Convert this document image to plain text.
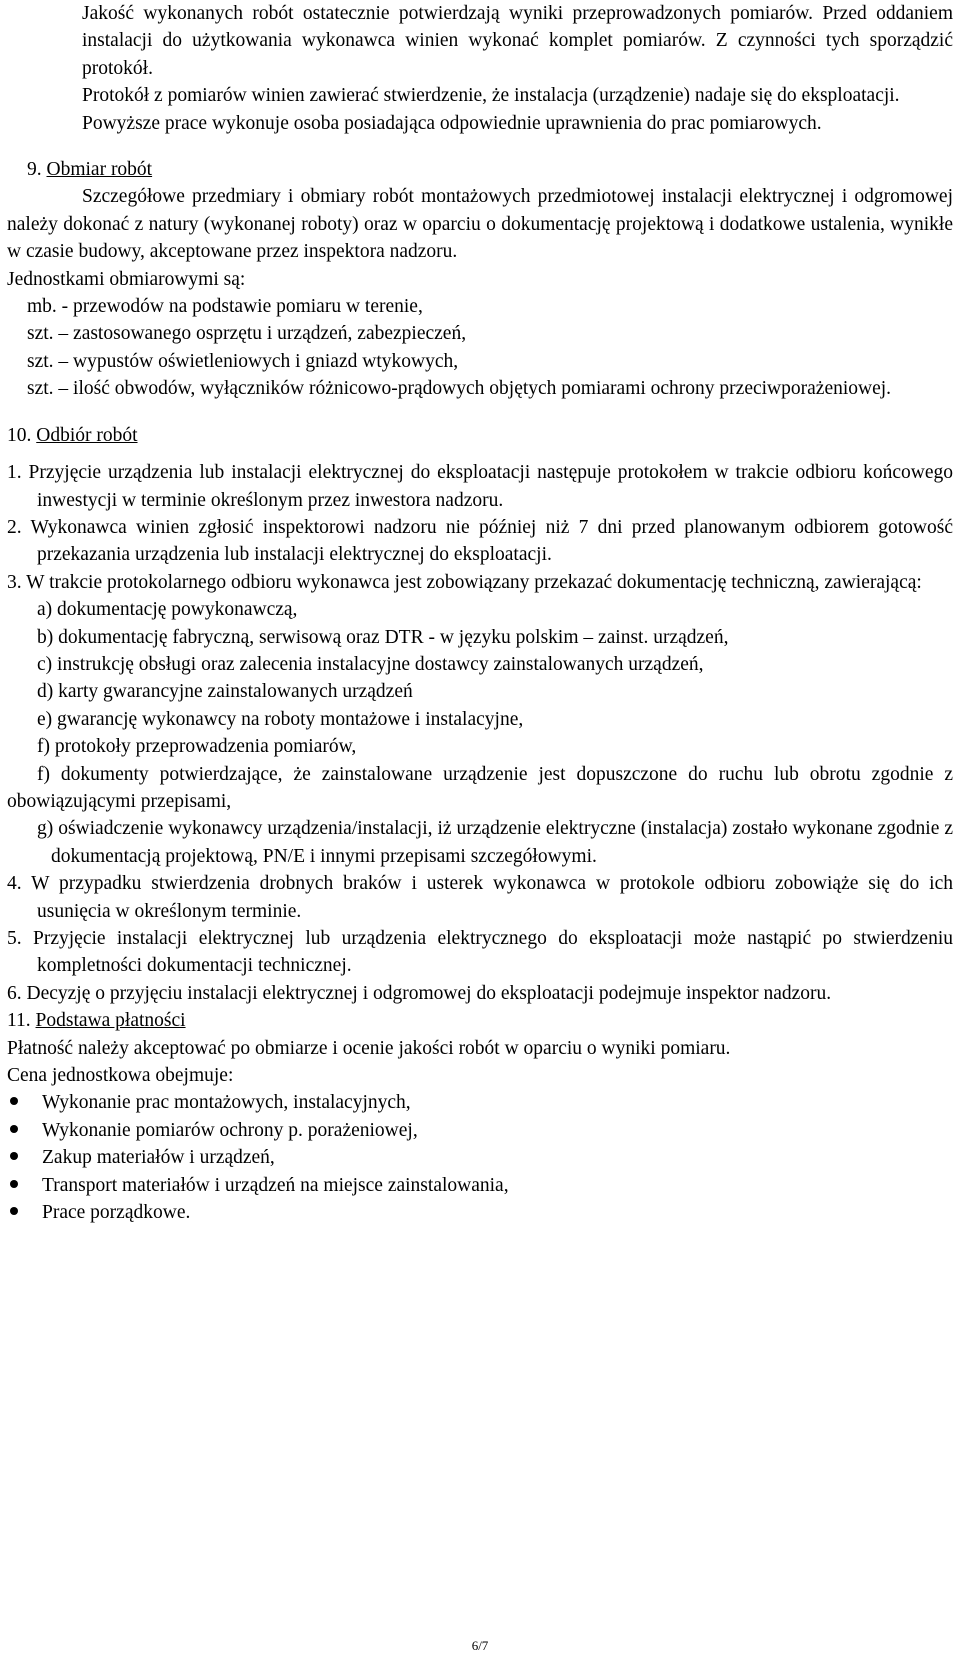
Jakość wykonanych robót ostatecznie potwierdzają wyniki przeprowadzonych pomiarów. Przed oddaniem instalacji do użytkowania wykonawca winien wykonać komplet pomiarów. Z czynności tych sporządzić protokół.

Protokół z pomiarów winien zawierać stwierdzenie, że instalacja (urządzenie) nadaje się do eksploatacji.

Powyższe prace wykonuje osoba posiadająca odpowiednie uprawnienia do prac pomiarowych.

9. Obmiar robót

Szczegółowe przedmiary i obmiary robót montażowych przedmiotowej instalacji elektrycznej i odgromowej należy dokonać z natury (wykonanej roboty) oraz w oparciu o dokumentację projektową i dodatkowe ustalenia, wynikłe w czasie budowy, akceptowane przez inspektora nadzoru.

Jednostkami obmiarowymi są:

mb. - przewodów na podstawie pomiaru w terenie,

szt. – zastosowanego osprzętu i urządzeń, zabezpieczeń,

szt. – wypustów oświetleniowych i gniazd wtykowych,

szt. – ilość obwodów, wyłączników różnicowo-prądowych objętych pomiarami ochrony przeciwporażeniowej.

10. Odbiór robót

1. Przyjęcie urządzenia lub instalacji elektrycznej do eksploatacji następuje protokołem w trakcie odbioru końcowego inwestycji w terminie określonym przez inwestora nadzoru.

2. Wykonawca winien zgłosić inspektorowi nadzoru nie później niż 7 dni przed planowanym odbiorem gotowość przekazania urządzenia lub instalacji elektrycznej do eksploatacji.

3. W trakcie protokolarnego odbioru wykonawca jest zobowiązany przekazać dokumentację techniczną, zawierającą:

a) dokumentację powykonawczą,

b) dokumentację fabryczną, serwisową oraz DTR - w języku polskim – zainst. urządzeń,

c) instrukcję obsługi oraz zalecenia instalacyjne dostawcy zainstalowanych urządzeń,

d) karty gwarancyjne zainstalowanych urządzeń

e) gwarancję wykonawcy na roboty montażowe i instalacyjne,

f) protokoły przeprowadzenia pomiarów,

f) dokumenty potwierdzające, że zainstalowane urządzenie jest dopuszczone do ruchu lub obrotu zgodnie z obowiązującymi przepisami,

g) oświadczenie wykonawcy urządzenia/instalacji, iż urządzenie elektryczne (instalacja) zostało wykonane zgodnie z dokumentacją projektową, PN/E i innymi przepisami szczegółowymi.

4. W przypadku stwierdzenia drobnych braków i usterek wykonawca w protokole odbioru zobowiąże się do ich usunięcia w określonym terminie.

5. Przyjęcie instalacji elektrycznej lub urządzenia elektrycznego do eksploatacji może nastąpić po stwierdzeniu kompletności dokumentacji technicznej.

6. Decyzję o przyjęciu instalacji elektrycznej i odgromowej do eksploatacji podejmuje inspektor nadzoru.

11. Podstawa płatności

Płatność należy akceptować po obmiarze i ocenie jakości robót w oparciu o wyniki pomiaru.

Cena jednostkowa obejmuje:

Wykonanie prac montażowych, instalacyjnych,
Wykonanie pomiarów ochrony p. porażeniowej,
Zakup materiałów i urządzeń,
Transport materiałów i urządzeń na miejsce zainstalowania,
Prace porządkowe.
6/7
